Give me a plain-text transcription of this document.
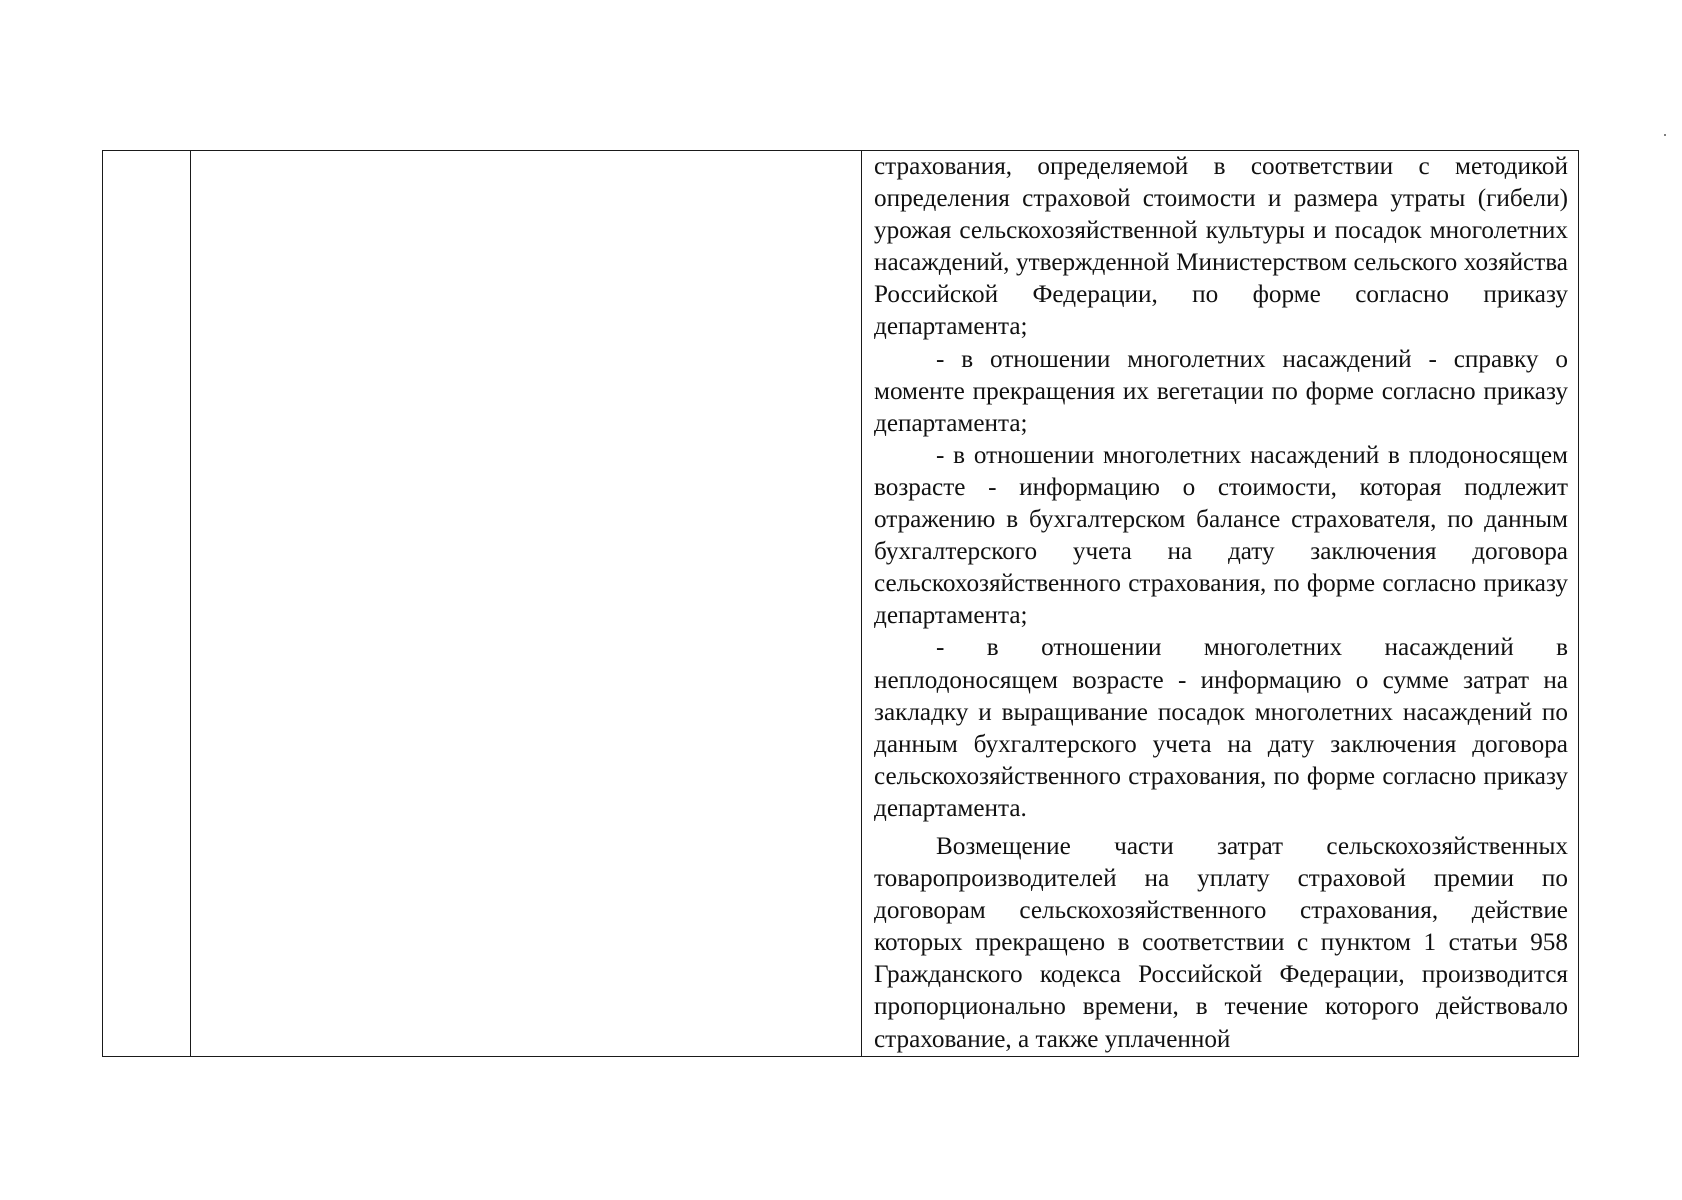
страхования, определяемой в соответствии с методикой определения страховой стоимости и размера утраты (гибели) урожая сельскохозяйственной культуры и посадок многолетних насаждений, утвержденной Министерством сельского хозяйства Российской Федерации, по форме согласно приказу департамента;

- в отношении многолетних насаждений - справку о моменте прекращения их вегетации по форме согласно приказу департамента;

- в отношении многолетних насаждений в плодоносящем возрасте - информацию о стоимости, которая подлежит отражению в бухгалтерском балансе страхователя, по данным бухгалтерского учета на дату заключения договора сельскохозяйственного страхования, по форме согласно приказу департамента;

- в отношении многолетних насаждений в неплодоносящем возрасте - информацию о сумме затрат на закладку и выращивание посадок многолетних насаждений по данным бухгалтерского учета на дату заключения договора сельскохозяйственного страхования, по форме согласно приказу департамента.

Возмещение части затрат сельскохозяйственных товаропроизводителей на уплату страховой премии по договорам сельскохозяйственного страхования, действие которых прекращено в соответствии с пунктом 1 статьи 958 Гражданского кодекса Российской Федерации, производится пропорционально времени, в течение которого действовало страхование, а также уплаченной
